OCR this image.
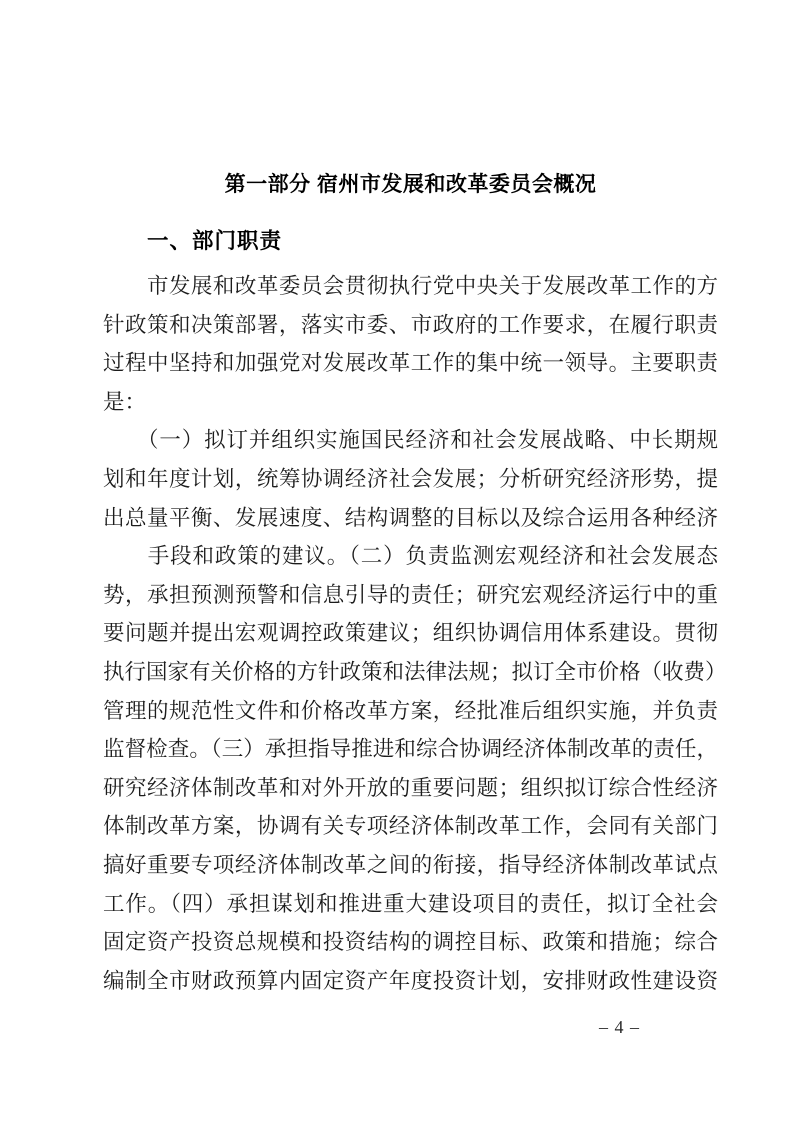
第一部分 宿州市发展和改革委员会概况
一、部门职责
　　市发展和改革委员会贯彻执行党中央关于发展改革工作的方
针政策和决策部署，落实市委、市政府的工作要求，在履行职责
过程中坚持和加强党对发展改革工作的集中统一领导。主要职责
是：
　　（一）拟订并组织实施国民经济和社会发展战略、中长期规
划和年度计划，统筹协调经济社会发展；分析研究经济形势，提
出总量平衡、发展速度、结构调整的目标以及综合运用各种经济
　　手段和政策的建议。（二）负责监测宏观经济和社会发展态
势，承担预测预警和信息引导的责任；研究宏观经济运行中的重
要问题并提出宏观调控政策建议；组织协调信用体系建设。贯彻
执行国家有关价格的方针政策和法律法规；拟订全市价格（收费）
管理的规范性文件和价格改革方案，经批准后组织实施，并负责
监督检查。（三）承担指导推进和综合协调经济体制改革的责任，
研究经济体制改革和对外开放的重要问题；组织拟订综合性经济
体制改革方案，协调有关专项经济体制改革工作，会同有关部门
搞好重要专项经济体制改革之间的衔接，指导经济体制改革试点
工作。（四）承担谋划和推进重大建设项目的责任，拟订全社会
固定资产投资总规模和投资结构的调控目标、政策和措施；综合
编制全市财政预算内固定资产年度投资计划，安排财政性建设资
– 4 –
